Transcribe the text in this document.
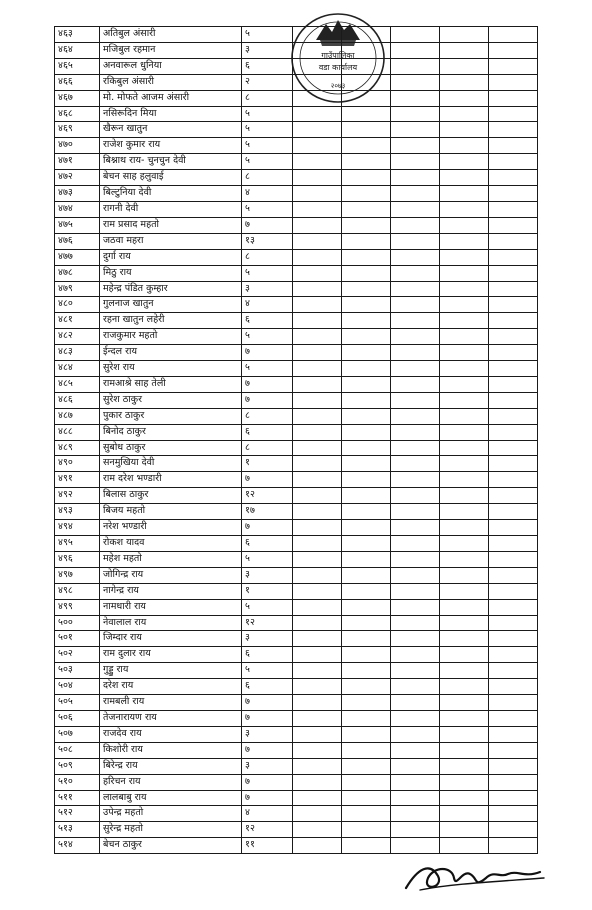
गाउँपालिका
वडा कार्यालय
२०७३
४६३	अतिबुल अंसारी	५					
४६४	मजिबुल रहमान	३					
४६५	अनवारूल धुनिया	६					
४६६	रकिबुल अंसारी	२					
४६७	मो. मोफते आजम अंसारी	८					
४६८	नसिरूदिन मिया	५					
४६९	खैरून खातुन	५					
४७०	राजेश कुमार राय	५					
४७१	बिश्नाथ राय- चुनचुन देवी	५					
४७२	बेचन साह हलुवाई	८					
४७३	बिल्टुनिया देवी	४					
४७४	रागनी देवी	५					
४७५	राम प्रसाद महतो	७					
४७६	जठवा महरा	१३					
४७७	दुर्गा राय	८					
४७८	मिठु राय	५					
४७९	महेन्द्र पंडित कुम्हार	३					
४८०	गुलनाज खातुन	४					
४८१	रहना खातुन लहेरी	६					
४८२	राजकुमार महतो	५					
४८३	ईन्दल राय	७					
४८४	सुरेश राय	५					
४८५	रामआश्रे साह तेली	७					
४८६	सुरेश ठाकुर	७					
४८७	पुकार ठाकुर	८					
४८८	बिनोद ठाकुर	६					
४८९	सुबोध ठाकुर	८					
४९०	सनमुखिया देवी	१					
४९१	राम दरेश भण्डारी	७					
४९२	बिलास ठाकुर	१२					
४९३	बिजय महतो	१७					
४९४	नरेश भण्डारी	७					
४९५	रोकश यादव	६					
४९६	महेश महतो	५					
४९७	जोगिन्द्र राय	३					
४९८	नागेन्द्र राय	१					
४९९	नामधारी राय	५					
५००	नेवालाल राय	१२					
५०१	जिम्दार राय	३					
५०२	राम दुलार राय	६					
५०३	गुड्डु राय	५					
५०४	दरेश राय	६					
५०५	रामबली राय	७					
५०६	तेजनारायण राय	७					
५०७	राजदेव राय	३					
५०८	किशोरी राय	७					
५०९	बिरेन्द्र राय	३					
५१०	हरिचन राय	७					
५११	लालबाबु राय	७					
५१२	उपेन्द्र महतो	४					
५१३	सुरेन्द्र महतो	१२					
५१४	बेचन ठाकुर	११					
